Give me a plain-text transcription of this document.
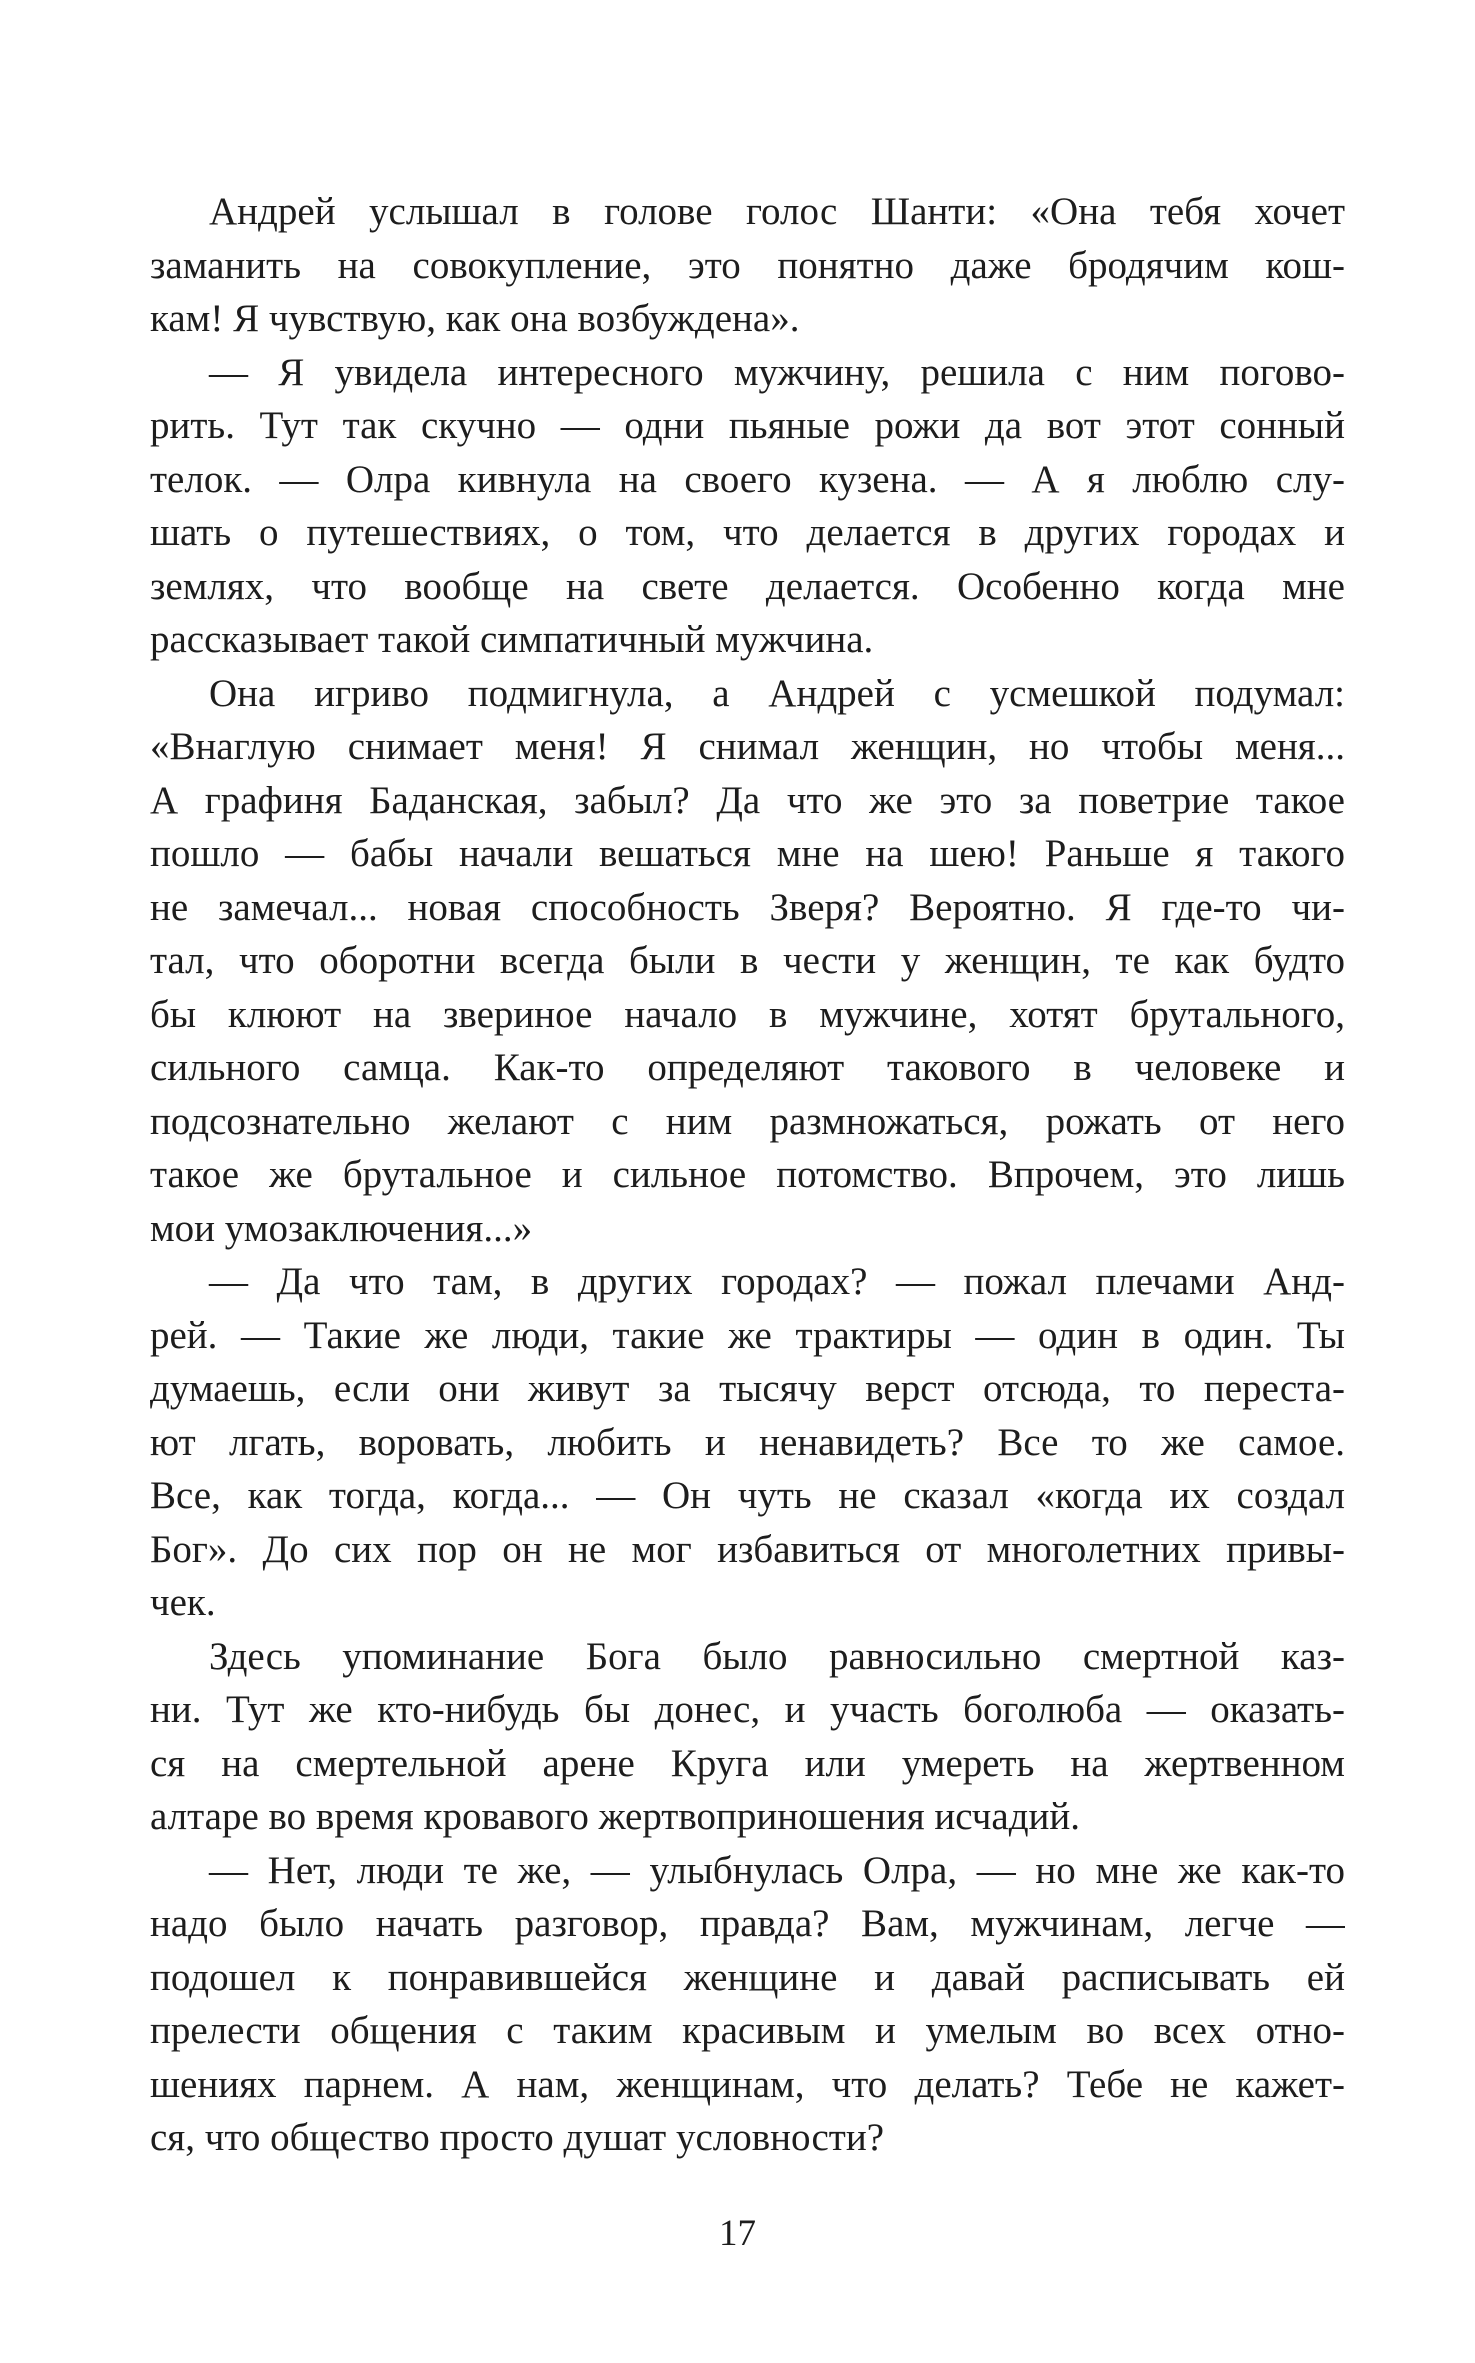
Андрей услышал в голове голос Шанти: «Она тебя хочет
заманить на совокупление, это понятно даже бродячим кош-
кам! Я чувствую, как она возбуждена».
— Я увидела интересного мужчину, решила с ним погово-
рить. Тут так скучно — одни пьяные рожи да вот этот сонный
телок. — Олра кивнула на своего кузена. — А я люблю слу-
шать о путешествиях, о том, что делается в других городах и
землях, что вообще на свете делается. Особенно когда мне
рассказывает такой симпатичный мужчина.
Она игриво подмигнула, а Андрей с усмешкой подумал:
«Внаглую снимает меня! Я снимал женщин, но чтобы меня...
А графиня Баданская, забыл? Да что же это за поветрие такое
пошло — бабы начали вешаться мне на шею! Раньше я такого
не замечал... новая способность Зверя? Вероятно. Я где-то чи-
тал, что оборотни всегда были в чести у женщин, те как будто
бы клюют на звериное начало в мужчине, хотят брутального,
сильного самца. Как-то определяют такового в человеке и
подсознательно желают с ним размножаться, рожать от него
такое же брутальное и сильное потомство. Впрочем, это лишь
мои умозаключения...»
— Да что там, в других городах? — пожал плечами Анд-
рей. — Такие же люди, такие же трактиры — один в один. Ты
думаешь, если они живут за тысячу верст отсюда, то переста-
ют лгать, воровать, любить и ненавидеть? Все то же самое.
Все, как тогда, когда... — Он чуть не сказал «когда их создал
Бог». До сих пор он не мог избавиться от многолетних привы-
чек.
Здесь упоминание Бога было равносильно смертной каз-
ни. Тут же кто-нибудь бы донес, и участь боголюба — оказать-
ся на смертельной арене Круга или умереть на жертвенном
алтаре во время кровавого жертвоприношения исчадий.
— Нет, люди те же, — улыбнулась Олра, — но мне же как-то
надо было начать разговор, правда? Вам, мужчинам, легче —
подошел к понравившейся женщине и давай расписывать ей
прелести общения с таким красивым и умелым во всех отно-
шениях парнем. А нам, женщинам, что делать? Тебе не кажет-
ся, что общество просто душат условности?
17
